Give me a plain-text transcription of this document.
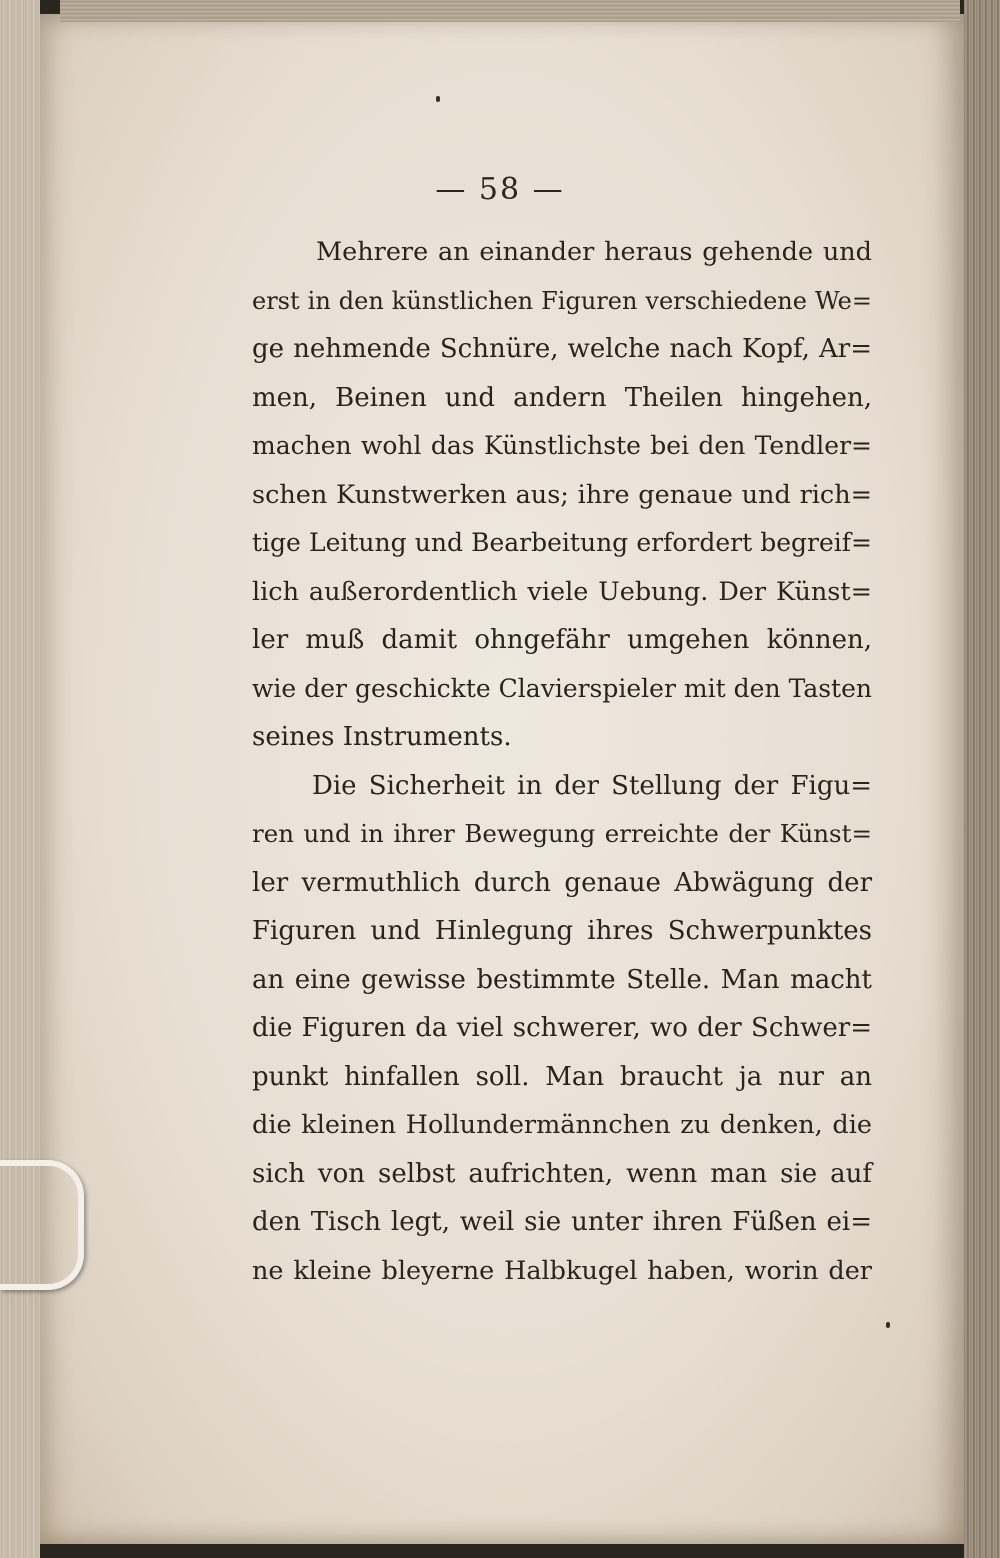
— 58 —
Mehrere an einander heraus gehende und
erst in den künstlichen Figuren verschiedene We=
ge nehmende Schnüre, welche nach Kopf, Ar=
men, Beinen und andern Theilen hingehen,
machen wohl das Künstlichste bei den Tendler=
schen Kunstwerken aus; ihre genaue und rich=
tige Leitung und Bearbeitung erfordert begreif=
lich außerordentlich viele Uebung. Der Künst=
ler muß damit ohngefähr umgehen können,
wie der geschickte Clavierspieler mit den Tasten
seines Instruments.
Die Sicherheit in der Stellung der Figu=
ren und in ihrer Bewegung erreichte der Künst=
ler vermuthlich durch genaue Abwägung der
Figuren und Hinlegung ihres Schwerpunktes
an eine gewisse bestimmte Stelle. Man macht
die Figuren da viel schwerer, wo der Schwer=
punkt hinfallen soll. Man braucht ja nur an
die kleinen Hollundermännchen zu denken, die
sich von selbst aufrichten, wenn man sie auf
den Tisch legt, weil sie unter ihren Füßen ei=
ne kleine bleyerne Halbkugel haben, worin der
